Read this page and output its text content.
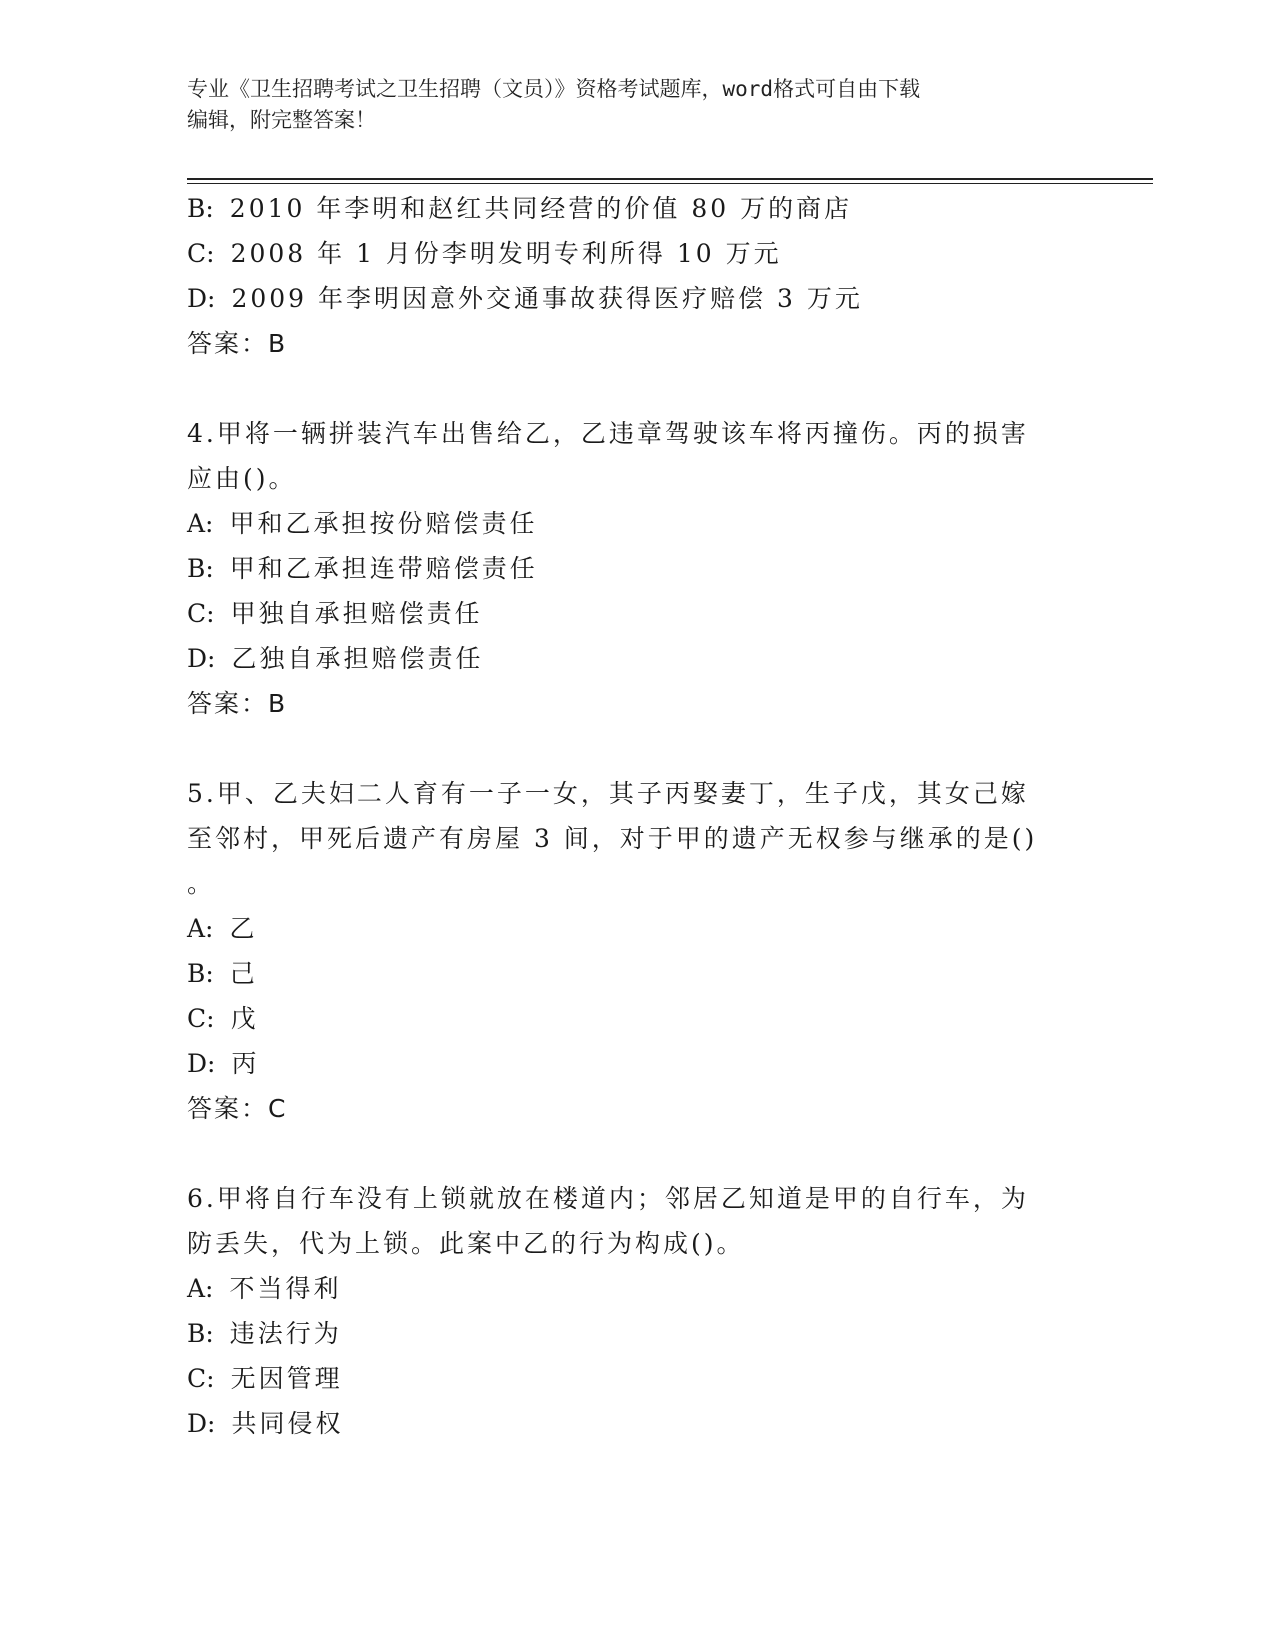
专业《卫生招聘考试之卫生招聘（文员）》资格考试题库，word格式可自由下载
编辑，附完整答案！
B: 2010 年李明和赵红共同经营的价值 80 万的商店
C: 2008 年 1 月份李明发明专利所得 10 万元
D: 2009 年李明因意外交通事故获得医疗赔偿 3 万元
答案：B
4.甲将一辆拼装汽车出售给乙，乙违章驾驶该车将丙撞伤。丙的损害
应由()。
A: 甲和乙承担按份赔偿责任
B: 甲和乙承担连带赔偿责任
C: 甲独自承担赔偿责任
D: 乙独自承担赔偿责任
答案：B
5.甲、乙夫妇二人育有一子一女，其子丙娶妻丁，生子戊，其女己嫁
至邻村，甲死后遗产有房屋 3 间，对于甲的遗产无权参与继承的是()
。
A: 乙
B: 己
C: 戊
D: 丙
答案：C
6.甲将自行车没有上锁就放在楼道内；邻居乙知道是甲的自行车，为
防丢失，代为上锁。此案中乙的行为构成()。
A: 不当得利
B: 违法行为
C: 无因管理
D: 共同侵权
